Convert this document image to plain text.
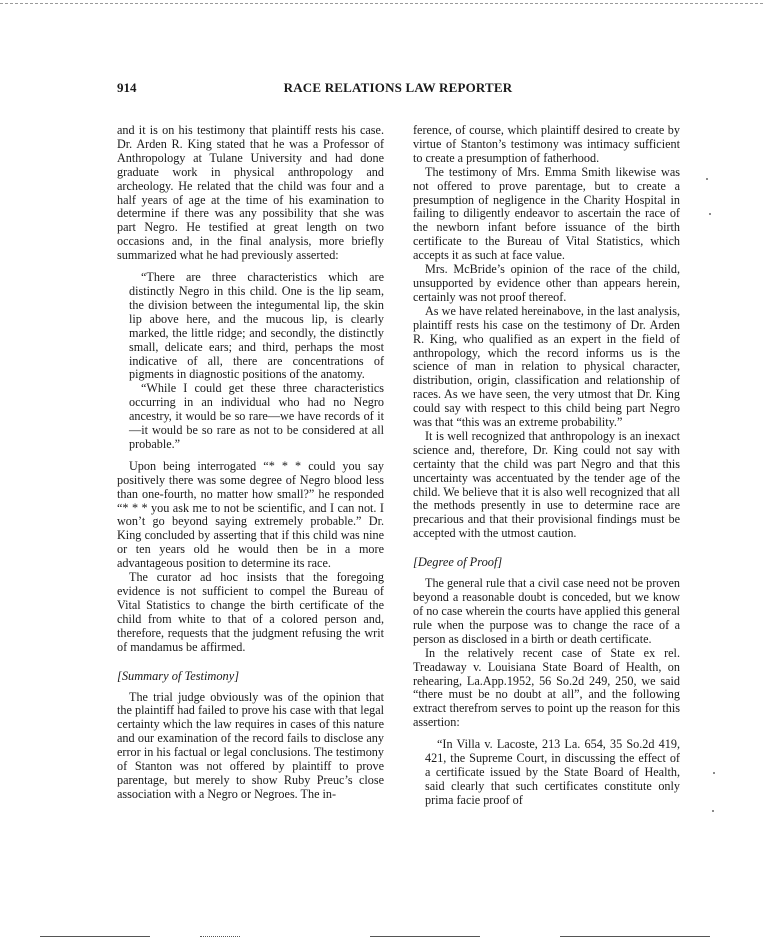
914	RACE RELATIONS LAW REPORTER

and it is on his testimony that plaintiff rests his case. Dr. Arden R. King stated that he was a Professor of Anthropology at Tulane University and had done graduate work in physical anthropology and archeology. He related that the child was four and a half years of age at the time of his examination to determine if there was any possibility that she was part Negro. He testified at great length on two occasions and, in the final analysis, more briefly summarized what he had previously asserted:

“There are three characteristics which are distinctly Negro in this child. One is the lip seam, the division between the integumental lip, the skin lip above here, and the mucous lip, is clearly marked, the little ridge; and secondly, the distinctly small, delicate ears; and third, perhaps the most indicative of all, there are concentrations of pigments in diagnostic positions of the anatomy.

“While I could get these three characteristics occurring in an individual who had no Negro ancestry, it would be so rare—we have records of it—it would be so rare as not to be considered at all probable.”

Upon being interrogated “* * * could you say positively there was some degree of Negro blood less than one-fourth, no matter how small?” he responded “* * * you ask me to not be scientific, and I can not. I won’t go beyond saying extremely probable.” Dr. King concluded by asserting that if this child was nine or ten years old he would then be in a more advantageous position to determine its race.

The curator ad hoc insists that the foregoing evidence is not sufficient to compel the Bureau of Vital Statistics to change the birth certificate of the child from white to that of a colored person and, therefore, requests that the judgment refusing the writ of mandamus be affirmed.

[Summary of Testimony]

The trial judge obviously was of the opinion that the plaintiff had failed to prove his case with that legal certainty which the law requires in cases of this nature and our examination of the record fails to disclose any error in his factual or legal conclusions. The testimony of Stanton was not offered by plaintiff to prove parentage, but merely to show Ruby Preuc’s close association with a Negro or Negroes. The in-

ference, of course, which plaintiff desired to create by virtue of Stanton’s testimony was intimacy sufficient to create a presumption of fatherhood.

The testimony of Mrs. Emma Smith likewise was not offered to prove parentage, but to create a presumption of negligence in the Charity Hospital in failing to diligently endeavor to ascertain the race of the newborn infant before issuance of the birth certificate to the Bureau of Vital Statistics, which accepts it as such at face value.

Mrs. McBride’s opinion of the race of the child, unsupported by evidence other than appears herein, certainly was not proof thereof.

As we have related hereinabove, in the last analysis, plaintiff rests his case on the testimony of Dr. Arden R. King, who qualified as an expert in the field of anthropology, which the record informs us is the science of man in relation to physical character, distribution, origin, classification and relationship of races. As we have seen, the very utmost that Dr. King could say with respect to this child being part Negro was that “this was an extreme probability.”

It is well recognized that anthropology is an inexact science and, therefore, Dr. King could not say with certainty that the child was part Negro and that this uncertainty was accentuated by the tender age of the child. We believe that it is also well recognized that all the methods presently in use to determine race are precarious and that their provisional findings must be accepted with the utmost caution.

[Degree of Proof]

The general rule that a civil case need not be proven beyond a reasonable doubt is conceded, but we know of no case wherein the courts have applied this general rule when the purpose was to change the race of a person as disclosed in a birth or death certificate.

In the relatively recent case of State ex rel. Treadaway v. Louisiana State Board of Health, on rehearing, La.App.1952, 56 So.2d 249, 250, we said “there must be no doubt at all”, and the following extract therefrom serves to point up the reason for this assertion:

“In Villa v. Lacoste, 213 La. 654, 35 So.2d 419, 421, the Supreme Court, in discussing the effect of a certificate issued by the State Board of Health, said clearly that such certificates constitute only prima facie proof of
